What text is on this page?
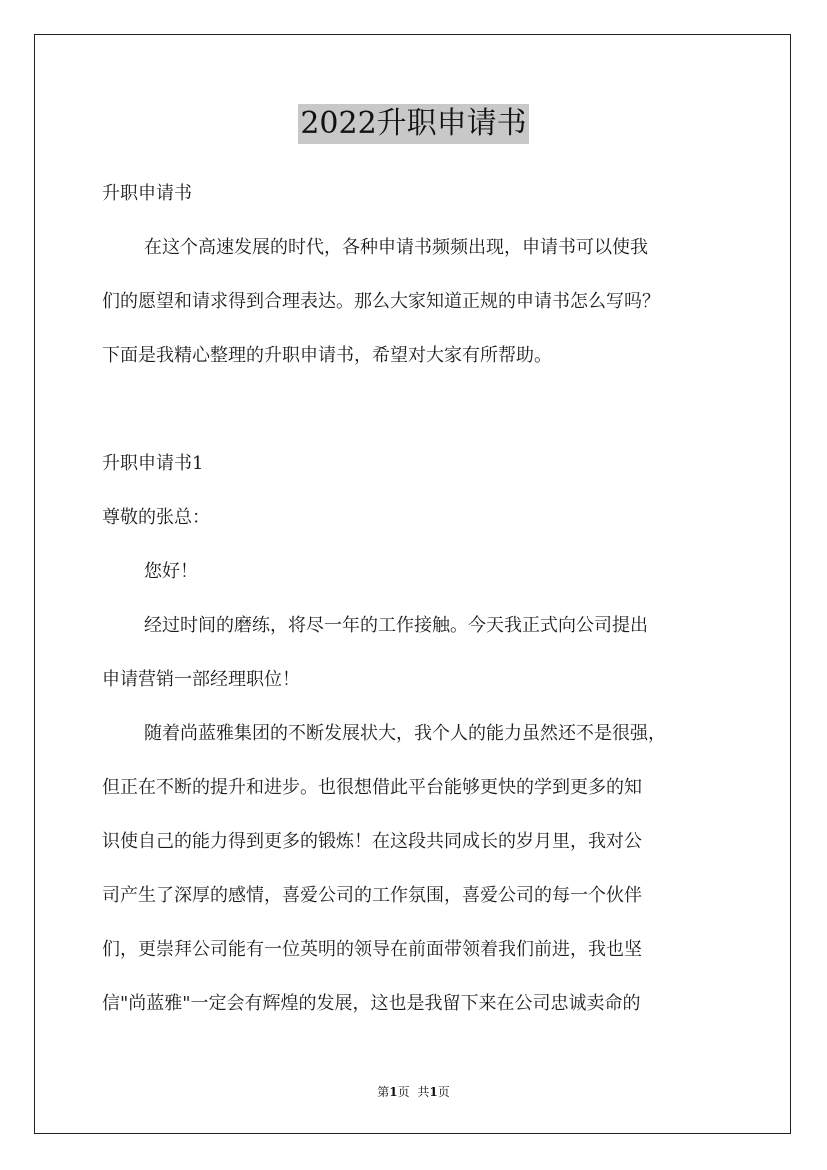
2022升职申请书
升职申请书
在这个高速发展的时代，各种申请书频频出现，申请书可以使我
们的愿望和请求得到合理表达。那么大家知道正规的申请书怎么写吗？
下面是我精心整理的升职申请书，希望对大家有所帮助。
升职申请书1
尊敬的张总：
您好！
经过时间的磨练，将尽一年的工作接触。今天我正式向公司提出
申请营销一部经理职位！
随着尚蓝雅集团的不断发展状大，我个人的能力虽然还不是很强，
但正在不断的提升和进步。也很想借此平台能够更快的学到更多的知
识使自己的能力得到更多的锻炼！在这段共同成长的岁月里，我对公
司产生了深厚的感情，喜爱公司的工作氛围，喜爱公司的每一个伙伴
们，更崇拜公司能有一位英明的领导在前面带领着我们前进，我也坚
信"尚蓝雅"一定会有辉煌的发展，这也是我留下来在公司忠诚卖命的
第1页 共1页
